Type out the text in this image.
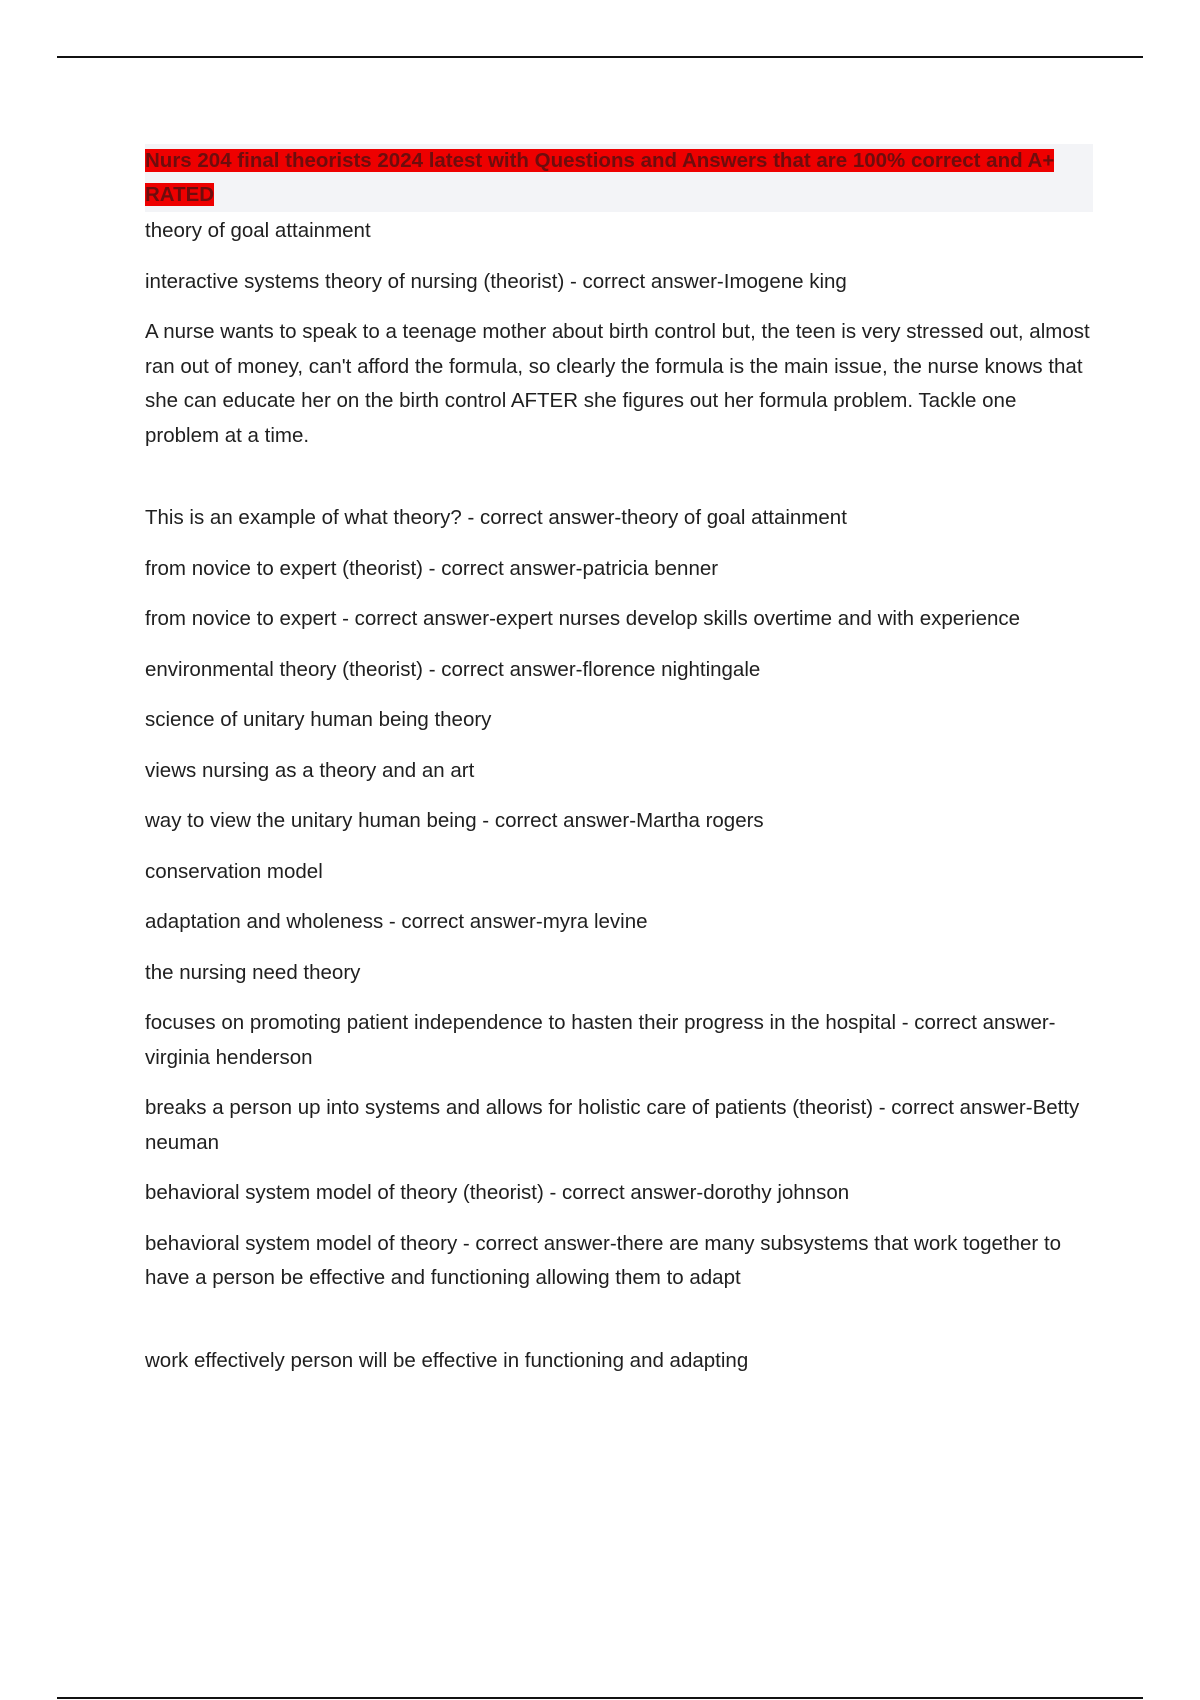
Nurs 204 final theorists 2024 latest with Questions and Answers that are 100% correct and A+ RATED

theory of goal attainment

interactive systems theory of nursing (theorist) - correct answer-Imogene king

A nurse wants to speak to a teenage mother about birth control but, the teen is very stressed out, almost ran out of money, can't afford the formula, so clearly the formula is the main issue, the nurse knows that she can educate her on the birth control AFTER she figures out her formula problem. Tackle one problem at a time.

This is an example of what theory? - correct answer-theory of goal attainment

from novice to expert (theorist) - correct answer-patricia benner

from novice to expert - correct answer-expert nurses develop skills overtime and with experience

environmental theory (theorist) - correct answer-florence nightingale

science of unitary human being theory

views nursing as a theory and an art

way to view the unitary human being - correct answer-Martha rogers

conservation model

adaptation and wholeness - correct answer-myra levine

the nursing need theory

focuses on promoting patient independence to hasten their progress in the hospital - correct answer-virginia henderson

breaks a person up into systems and allows for holistic care of patients (theorist) - correct answer-Betty neuman

behavioral system model of theory (theorist) - correct answer-dorothy johnson

behavioral system model of theory - correct answer-there are many subsystems that work together to have a person be effective and functioning allowing them to adapt

work effectively person will be effective in functioning and adapting
